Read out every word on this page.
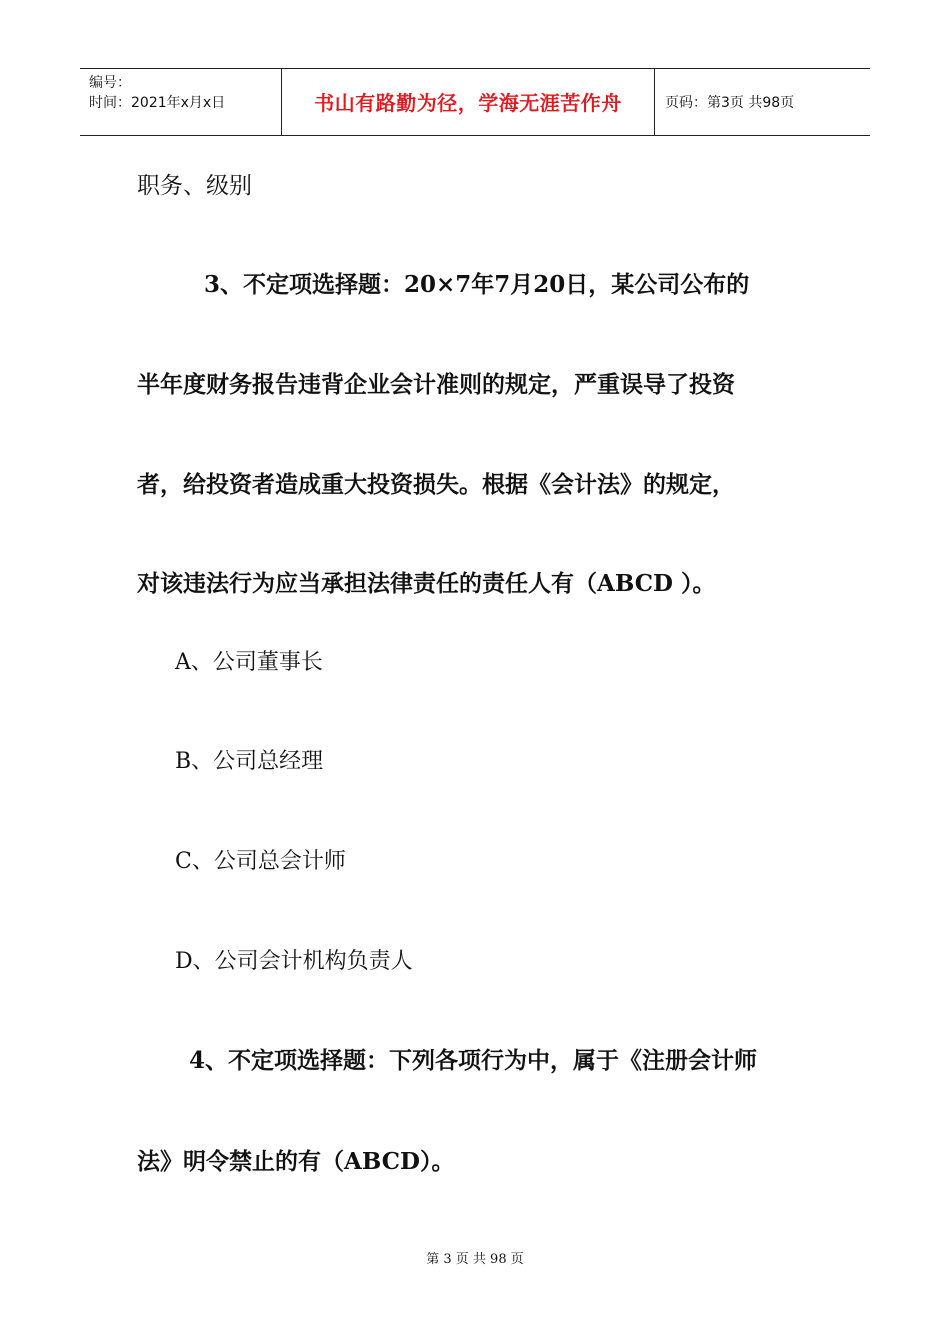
编号：
时间：2021年x月x日	书山有路勤为径，学海无涯苦作舟	页码：第3页 共98页
职务、级别
3、不定项选择题：20×7年7月20日，某公司公布的
半年度财务报告违背企业会计准则的规定，严重误导了投资
者，给投资者造成重大投资损失。根据《会计法》的规定，
对该违法行为应当承担法律责任的责任人有（ABCD ）。
A、公司董事长
B、公司总经理
C、公司总会计师
D、公司会计机构负责人
4、不定项选择题：下列各项行为中，属于《注册会计师
法》明令禁止的有（ABCD）。
第 3 页 共 98 页
